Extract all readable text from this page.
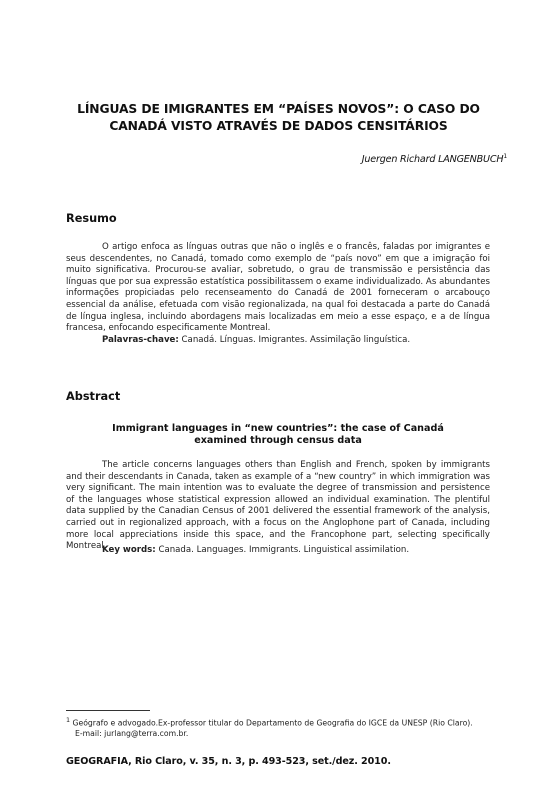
LÍNGUAS DE IMIGRANTES EM “PAÍSES NOVOS”: O CASO DO
CANADÁ VISTO ATRAVÉS DE DADOS CENSITÁRIOS
Juergen Richard LANGENBUCH$^1$
Resumo

O artigo enfoca as línguas outras que não o inglês e o francês, faladas por imigrantes e seus descendentes, no Canadá, tomado como exemplo de “país novo” em que a imigração foi muito significativa. Procurou-se avaliar, sobretudo, o grau de transmissão e persistência das línguas que por sua expressão estatística possibilitassem o exame individualizado. As abundantes informações propiciadas pelo recenseamento do Canadá de 2001 forneceram o arcabouço essencial da análise, efetuada com visão regionalizada, na qual foi destacada a parte do Canadá de língua inglesa, incluindo abordagens mais localizadas em meio a esse espaço, e a de língua francesa, enfocando especificamente Montreal.

Palavras-chave: Canadá. Línguas. Imigrantes. Assimilação linguística.
Abstract
Immigrant languages in “new countries”: the case of Canadá
examined through census data

The article concerns languages others than English and French, spoken by immigrants and their descendants in Canada, taken as example of a “new country” in which immigration was very significant. The main intention was to evaluate the degree of transmission and persistence of the languages whose statistical expression allowed an individual examination. The plentiful data supplied by the Canadian Census of 2001 delivered the essential framework of the analysis, carried out in regionalized approach, with a focus on the Anglophone part of Canada, including more local appreciations inside this space, and the Francophone part, selecting specifically Montreal.

Key words: Canada. Languages. Immigrants. Linguistical assimilation.
$^1$ Geógrafo e advogado.Ex-professor titular do Departamento de Geografia do IGCE da UNESP (Rio Claro).
E-mail: jurlang@terra.com.br.
GEOGRAFIA, Rio Claro, v. 35, n. 3, p. 493-523, set./dez. 2010.
